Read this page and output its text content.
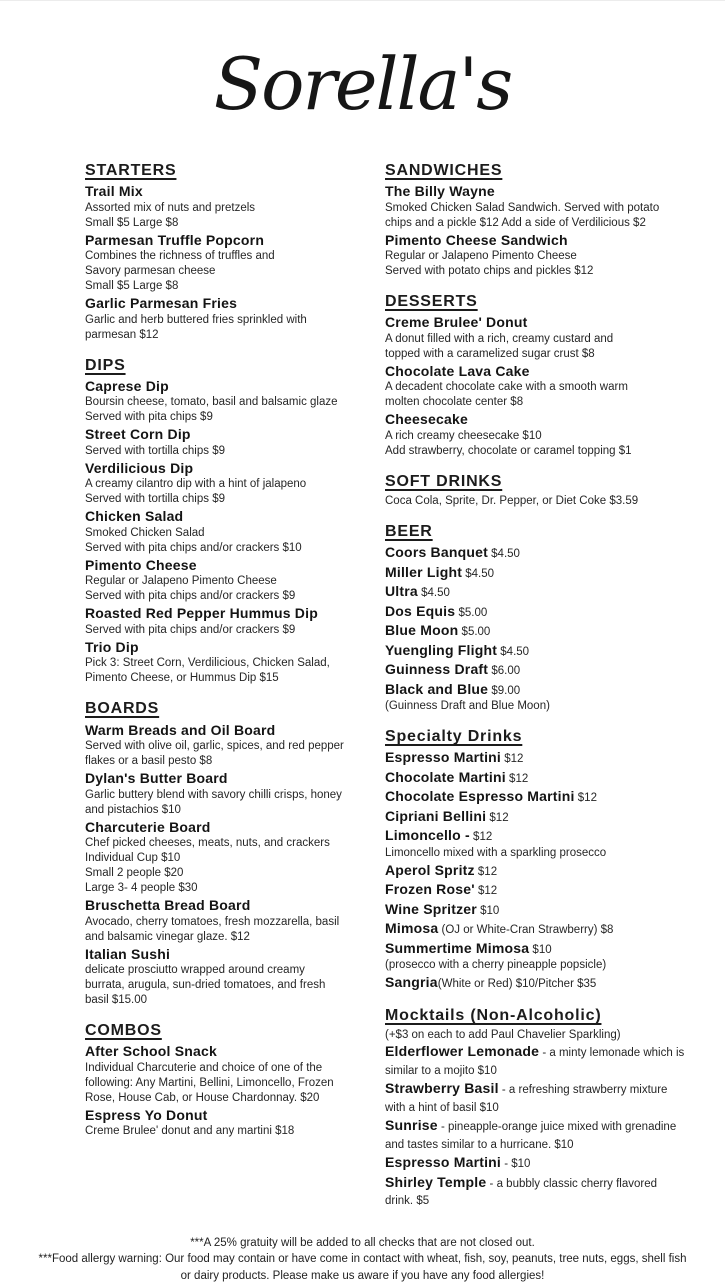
Sorella's
STARTERS
Trail Mix
Assorted mix of nuts and pretzels
Small $5 Large $8
Parmesan Truffle Popcorn
Combines the richness of truffles and
Savory parmesan cheese
Small $5 Large $8
Garlic Parmesan Fries
Garlic and herb buttered fries sprinkled with
parmesan $12
DIPS
Caprese Dip
Boursin cheese, tomato, basil and balsamic glaze
Served with pita chips $9
Street Corn Dip
Served with tortilla chips $9
Verdilicious Dip
A creamy cilantro dip with a hint of jalapeno
Served with tortilla chips $9
Chicken Salad
Smoked Chicken Salad
Served with pita chips and/or crackers $10
Pimento Cheese
Regular or Jalapeno Pimento Cheese
Served with pita chips and/or crackers $9
Roasted Red Pepper Hummus Dip
Served with pita chips and/or crackers $9
Trio Dip
Pick 3: Street Corn, Verdilicious, Chicken Salad,
Pimento Cheese, or Hummus Dip $15
BOARDS
Warm Breads and Oil Board
Served with olive oil, garlic, spices, and red pepper
flakes or a basil pesto $8
Dylan's Butter Board
Garlic buttery blend with savory chilli crisps, honey
and pistachios $10
Charcuterie Board
Chef picked cheeses, meats, nuts, and crackers
Individual Cup $10
Small 2 people $20
Large 3- 4 people $30
Bruschetta Bread Board
Avocado, cherry tomatoes, fresh mozzarella, basil
and balsamic vinegar glaze. $12
Italian Sushi
delicate prosciutto wrapped around creamy
burrata, arugula, sun-dried tomatoes, and fresh
basil $15.00
COMBOS
After School Snack
Individual Charcuterie and choice of one of the
following: Any Martini, Bellini, Limoncello, Frozen
Rose, House Cab, or House Chardonnay. $20
Espress Yo Donut
Creme Brulee' donut and any martini $18
SANDWICHES
The Billy Wayne
Smoked Chicken Salad Sandwich. Served with potato
chips and a pickle $12 Add a side of Verdilicious $2
Pimento Cheese Sandwich
Regular or Jalapeno Pimento Cheese
Served with potato chips and pickles $12
DESSERTS
Creme Brulee' Donut
A donut filled with a rich, creamy custard and
topped with a caramelized sugar crust $8
Chocolate Lava Cake
A decadent chocolate cake with a smooth warm
molten chocolate center $8
Cheesecake
A rich creamy cheesecake $10
Add strawberry, chocolate or caramel topping $1
SOFT DRINKS
Coca Cola, Sprite, Dr. Pepper, or Diet Coke $3.59
BEER
Coors Banquet $4.50
Miller Light $4.50
Ultra $4.50
Dos Equis $5.00
Blue Moon $5.00
Yuengling Flight $4.50
Guinness Draft $6.00
Black and Blue $9.00
(Guinness Draft and Blue Moon)
Specialty Drinks
Espresso Martini $12
Chocolate Martini $12
Chocolate Espresso Martini $12
Cipriani Bellini $12
Limoncello - $12
Limoncello mixed with a sparkling prosecco
Aperol Spritz $12
Frozen Rose' $12
Wine Spritzer $10
Mimosa (OJ or White-Cran Strawberry) $8
Summertime Mimosa $10
(prosecco with a cherry pineapple popsicle)
Sangria(White or Red) $10/Pitcher $35
Mocktails (Non-Alcoholic)
(+$3 on each to add Paul Chavelier Sparkling)
Elderflower Lemonade - a minty lemonade which is similar to a mojito $10
Strawberry Basil - a refreshing strawberry mixture with a hint of basil $10
Sunrise - pineapple-orange juice mixed with grenadine and tastes similar to a hurricane. $10
Espresso Martini - $10
Shirley Temple - a bubbly classic cherry flavored drink. $5

***A 25% gratuity will be added to all checks that are not closed out.

***Food allergy warning: Our food may contain or have come in contact with wheat, fish, soy, peanuts, tree nuts, eggs, shell fish or dairy products. Please make us aware if you have any food allergies!
